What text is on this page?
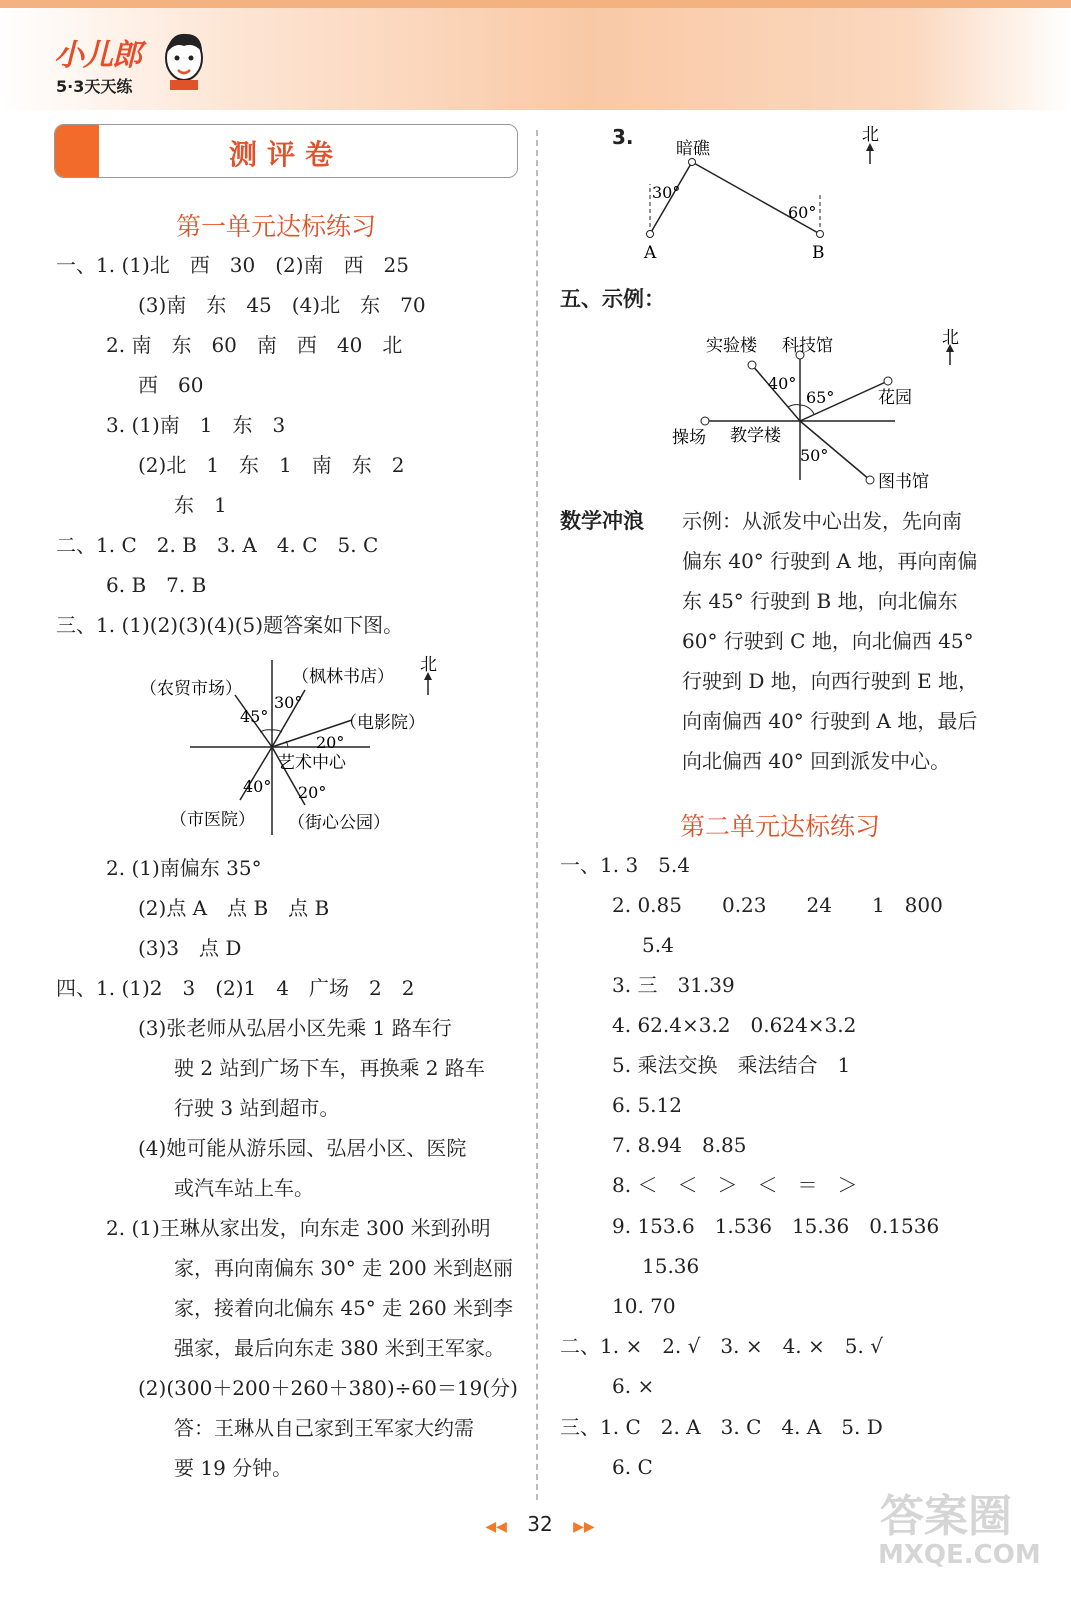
小儿郎
5·3天天练
测评卷
第一单元达标练习
一、1. (1)北　西　30　(2)南　西　25
(3)南　东　45　(4)北　东　70
2. 南　东　60　南　西　40　北
西　60
3. (1)南　1　东　3
(2)北　1　东　1　南　东　2
东　1
二、1. C　2. B　3. A　4. C　5. C
6. B　7. B
三、1. (1)(2)(3)(4)(5)题答案如下图。
北
（农贸市场）
（枫林书店）
（电影院）
艺术中心
（市医院） （街心公园）
45°
30°
20°
40° 20°
2. (1)南偏东 35°
(2)点 A　点 B　点 B
(3)3　点 D
四、1. (1)2　3　(2)1　4　广场　2　2
(3)张老师从弘居小区先乘 1 路车行
驶 2 站到广场下车，再换乘 2 路车
行驶 3 站到超市。
(4)她可能从游乐园、弘居小区、医院
或汽车站上车。
2. (1)王琳从家出发，向东走 300 米到孙明
家，再向南偏东 30° 走 200 米到赵丽
家，接着向北偏东 45° 走 260 米到李
强家，最后向东走 380 米到王军家。
(2)(300＋200＋260＋380)÷60＝19(分)
答：王琳从自己家到王军家大约需
要 19 分钟。
3.	北
暗礁
30°
60°
A	B
五、示例：
北
实验楼 科技馆
花园
操场 教学楼
图书馆
40°
65°
50°
数学冲浪 示例：从派发中心出发，先向南
偏东 40° 行驶到 A 地，再向南偏
东 45° 行驶到 B 地，向北偏东
60° 行驶到 C 地，向北偏西 45°
行驶到 D 地，向西行驶到 E 地，
向南偏西 40° 行驶到 A 地，最后
向北偏西 40° 回到派发中心。
第二单元达标练习
一、1. 3　5.4
2. 0.85　　0.23　　24　　1　800
5.4
3. 三　31.39
4. 62.4×3.2　0.624×3.2
5. 乘法交换　乘法结合　1
6. 5.12
7. 8.94　8.85
8. ＜　＜　＞　＜　＝　＞
9. 153.6　1.536　15.36　0.1536
15.36
10. 70
二、1. ×　2. √　3. ×　4. ×　5. √
6. ×
三、1. C　2. A　3. C　4. A　5. D
6. C
◀◀ 32 ▶▶	答案圈
MXQE.COM
